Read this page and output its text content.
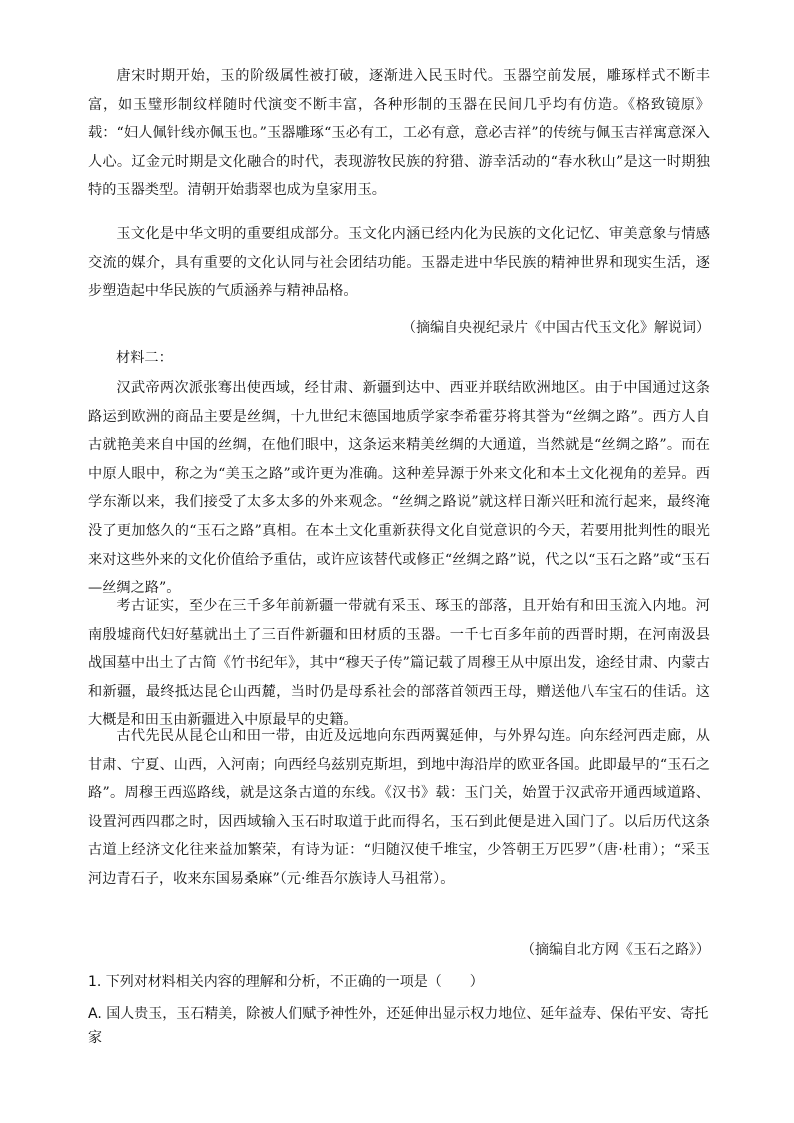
唐宋时期开始，玉的阶级属性被打破，逐渐进入民玉时代。玉器空前发展，雕琢样式不断丰富，如玉璧形制纹样随时代演变不断丰富，各种形制的玉器在民间几乎均有仿造。《格致镜原》载：“妇人佩针线亦佩玉也。”玉器雕琢“玉必有工，工必有意，意必吉祥”的传统与佩玉吉祥寓意深入人心。辽金元时期是文化融合的时代，表现游牧民族的狩猎、游幸活动的“春水秋山”是这一时期独特的玉器类型。清朝开始翡翠也成为皇家用玉。

玉文化是中华文明的重要组成部分。玉文化内涵已经内化为民族的文化记忆、审美意象与情感交流的媒介，具有重要的文化认同与社会团结功能。玉器走进中华民族的精神世界和现实生活，逐步塑造起中华民族的气质涵养与精神品格。

（摘编自央视纪录片《中国古代玉文化》解说词）

材料二：

汉武帝两次派张骞出使西域，经甘肃、新疆到达中、西亚并联结欧洲地区。由于中国通过这条路运到欧洲的商品主要是丝绸，十九世纪末德国地质学家李希霍芬将其誉为“丝绸之路”。西方人自古就艳美来自中国的丝绸，在他们眼中，这条运来精美丝绸的大通道，当然就是“丝绸之路”。而在中原人眼中，称之为“美玉之路”或许更为准确。这种差异源于外来文化和本土文化视角的差异。西学东渐以来，我们接受了太多太多的外来观念。“丝绸之路说”就这样日渐兴旺和流行起来，最终淹没了更加悠久的“玉石之路”真相。在本土文化重新获得文化自觉意识的今天，若要用批判性的眼光来对这些外来的文化价值给予重估，或许应该替代或修正“丝绸之路”说，代之以“玉石之路”或“玉石—丝绸之路”。

考古证实，至少在三千多年前新疆一带就有采玉、琢玉的部落，且开始有和田玉流入内地。河南殷墟商代妇好墓就出土了三百件新疆和田材质的玉器。一千七百多年前的西晋时期，在河南汲县战国墓中出土了古简《竹书纪年》，其中“穆天子传”篇记载了周穆王从中原出发，途经甘肃、内蒙古和新疆，最终抵达昆仑山西麓，当时仍是母系社会的部落首领西王母，赠送他八车宝石的佳话。这大概是和田玉由新疆进入中原最早的史籍。

古代先民从昆仑山和田一带，由近及远地向东西两翼延伸，与外界勾连。向东经河西走廊，从甘肃、宁夏、山西，入河南；向西经乌兹别克斯坦，到地中海沿岸的欧亚各国。此即最早的“玉石之路”。周穆王西巡路线，就是这条古道的东线。《汉书》载：玉门关，始置于汉武帝开通西域道路、设置河西四郡之时，因西域输入玉石时取道于此而得名，玉石到此便是进入国门了。以后历代这条古道上经济文化往来益加繁荣，有诗为证：“归随汉使千堆宝，少答朝王万匹罗”（唐·杜甫）；“采玉河边青石子，收来东国易桑麻”（元·维吾尔族诗人马祖常）。

（摘编自北方网《玉石之路》）

1. 下列对材料相关内容的理解和分析，不正确的一项是（　　）

A. 国人贵玉，玉石精美，除被人们赋予神性外，还延伸出显示权力地位、延年益寿、保佑平安、寄托家
